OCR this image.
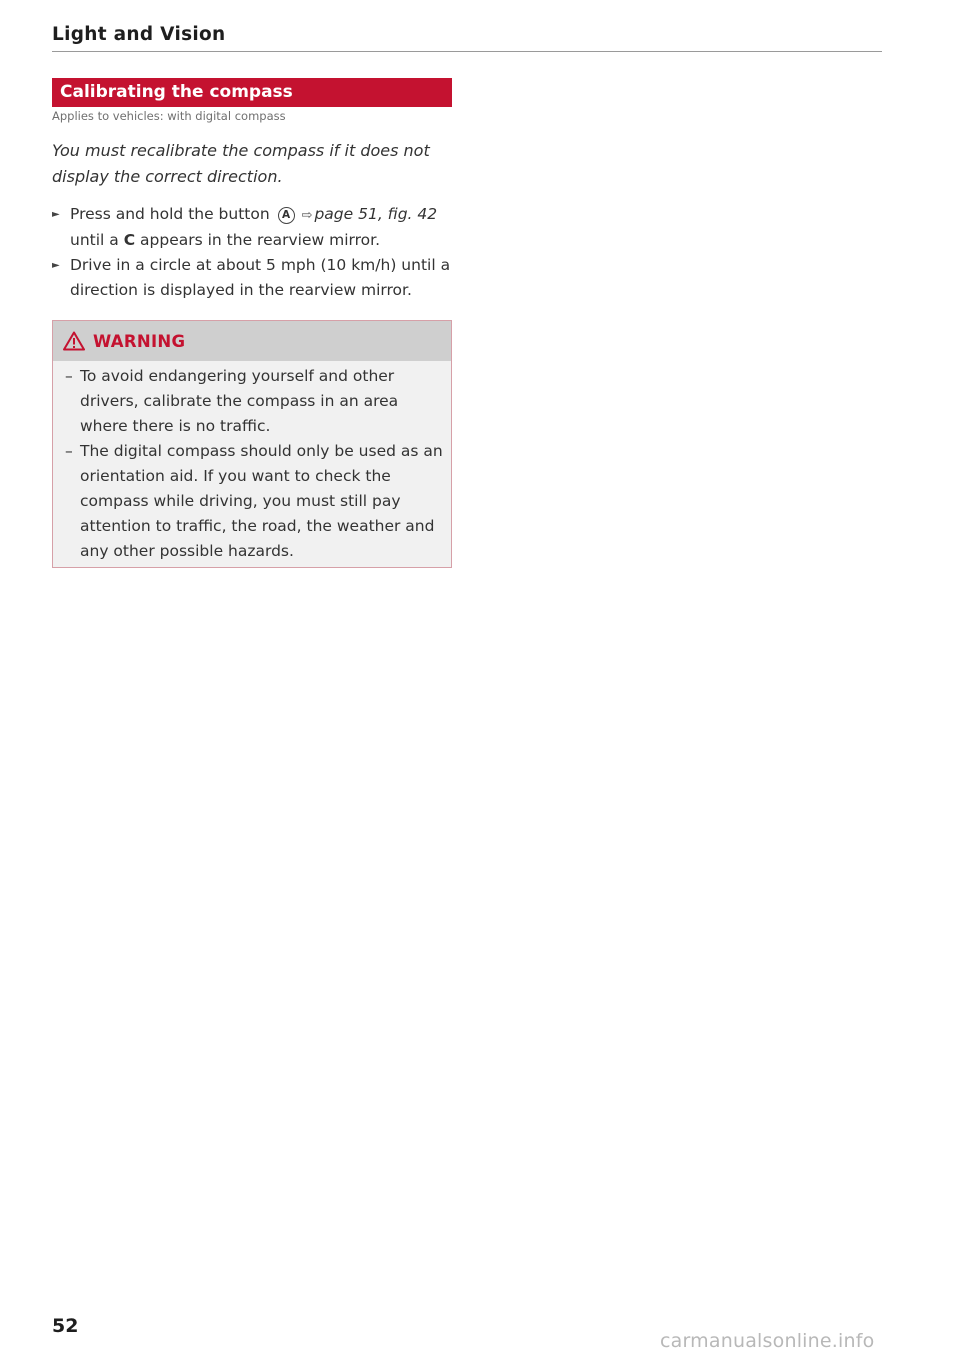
Light and Vision
Calibrating the compass
Applies to vehicles: with digital compass
You must recalibrate the compass if it does not display the correct direction.
► Press and hold the button A ⇨ page 51, fig. 42 until a C appears in the rearview mirror.
► Drive in a circle at about 5 mph (10 km/h) until a direction is displayed in the rearview mirror.
WARNING
– To avoid endangering yourself and other drivers, calibrate the compass in an area where there is no traffic.
– The digital compass should only be used as an orientation aid. If you want to check the compass while driving, you must still pay attention to traffic, the road, the weather and any other possible hazards.
52
carmanualsonline.info
